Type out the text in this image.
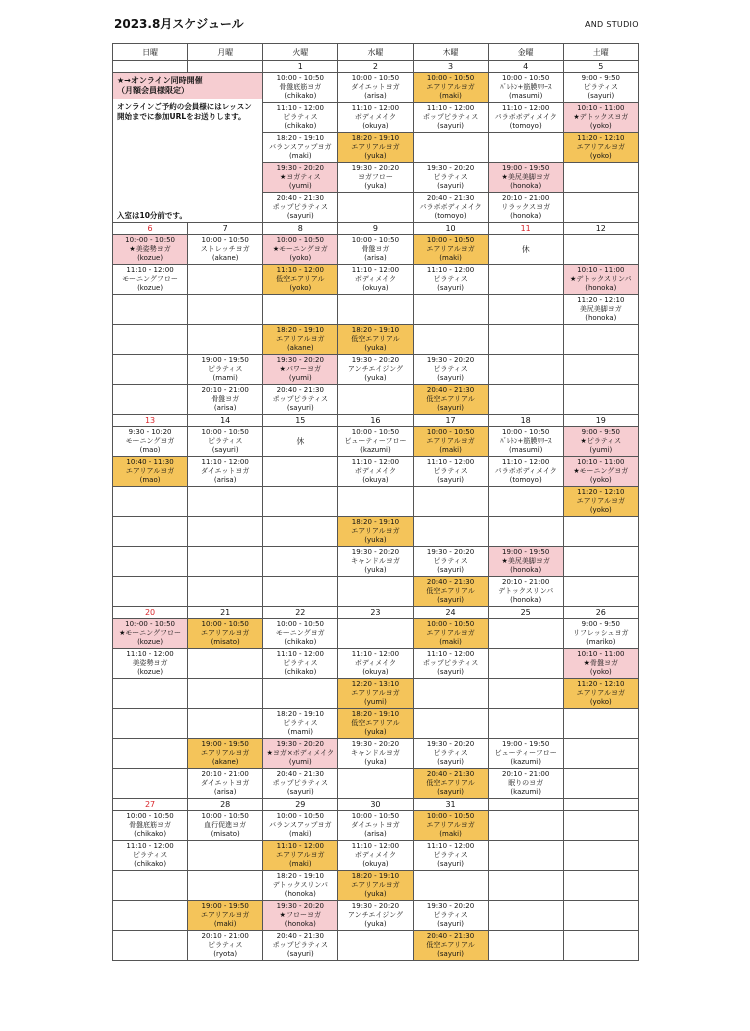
2023.8月スケジュール	AND STUDIO
日曜	月曜	火曜	水曜	木曜	金曜	土曜
		1	2	3	4	5

★→オンライン同時開催
（月額会員様限定）
オンラインご予約の会員様にはレッスン開始までに参加URLをお送りします。		10:00 - 10:50
骨盤底筋ヨガ
(chikako)	10:00 - 10:50
ダイエットヨガ
(arisa)	10:00 - 10:50
エアリアルヨガ
(maki)	10:00 - 10:50
ﾊﾞﾚﾄﾝ+筋膜ﾘﾘｰｽ
(masumi)	9:00 - 9:50
ピラティス
(sayuri)

		11:10 - 12:00
ピラティス
(chikako)	11:10 - 12:00
ボディメイク
(okuya)	11:10 - 12:00
ポップピラティス
(sayuri)	11:10 - 12:00
パラボボディメイク
(tomoyo)	10:10 - 11:00
★デトックスヨガ
(yoko)

		18:20 - 19:10
バランスアップヨガ
(maki)	18:20 - 19:10
エアリアルヨガ
(yuka)			11:20 - 12:10
エアリアルヨガ
(yoko)

		19:30 - 20:20
★ヨガティス
(yumi)	19:30 - 20:20
ヨガフロー
(yuka)	19:30 - 20:20
ピラティス
(sayuri)	19:00 - 19:50
★美尻美脚ヨガ
(honoka)	

入室は10分前です。		20:40 - 21:30
ポップピラティス
(sayuri)		20:40 - 21:30
パラボボディメイク
(tomoyo)	20:10 - 21:00
リラックスヨガ
(honoka)	

6	7	8	9	10	11	12

10:-00 - 10:50
★美姿勢ヨガ
(kozue)	10:00 - 10:50
ストレッチヨガ
(akane)	10:00 - 10:50
★モーニングヨガ
(yoko)	10:00 - 10:50
骨盤ヨガ
(arisa)	10:00 - 10:50
エアリアルヨガ
(maki)	休	

11:10 - 12:00
モーニングフロー
(kozue)		11:10 - 12:00
低空エアリアル
(yoko)	11:10 - 12:00
ボディメイク
(okuya)	11:10 - 12:00
ピラティス
(sayuri)		10:10 - 11:00
★デトックスリンパ
(honoka)

						11:20 - 12:10
美尻美脚ヨガ
(honoka)

		18:20 - 19:10
エアリアルヨガ
(akane)	18:20 - 19:10
低空エアリアル
(yuka)			

	19:00 - 19:50
ピラティス
(mami)	19:30 - 20:20
★パワーヨガ
(yumi)	19:30 - 20:20
アンチエイジング
(yuka)	19:30 - 20:20
ピラティス
(sayuri)		

	20:10 - 21:00
骨盤ヨガ
(arisa)	20:40 - 21:30
ポップピラティス
(sayuri)		20:40 - 21:30
低空エアリアル
(sayuri)		

13	14	15	16	17	18	19

9:30 - 10:20
モーニングヨガ
(mao)	10:00 - 10:50
ピラティス
(sayuri)	休	10:00 - 10:50
ビューティーフロー
(kazumi)	10:00 - 10:50
エアリアルヨガ
(maki)	10:00 - 10:50
ﾊﾞﾚﾄﾝ+筋膜ﾘﾘｰｽ
(masumi)	9:00 - 9:50
★ピラティス
(yumi)

10:40 - 11:30
エアリアルヨガ
(mao)	11:10 - 12:00
ダイエットヨガ
(arisa)		11:10 - 12:00
ボディメイク
(okuya)	11:10 - 12:00
ピラティス
(sayuri)	11:10 - 12:00
パラボボディメイク
(tomoyo)	10:10 - 11:00
★モーニングヨガ
(yoko)

						11:20 - 12:10
エアリアルヨガ
(yoko)

			18:20 - 19:10
エアリアルヨガ
(yuka)			

			19:30 - 20:20
キャンドルヨガ
(yuka)	19:30 - 20:20
ピラティス
(sayuri)	19:00 - 19:50
★美尻美脚ヨガ
(honoka)	

				20:40 - 21:30
低空エアリアル
(sayuri)	20:10 - 21:00
デトックスリンパ
(honoka)	

20	21	22	23	24	25	26

10:-00 - 10:50
★モーニングフロー
(kozue)	10:00 - 10:50
エアリアルヨガ
(misato)	10:00 - 10:50
モーニングヨガ
(chikako)		10:00 - 10:50
エアリアルヨガ
(maki)		9:00 - 9:50
リフレッシュヨガ
(mariko)

11:10 - 12:00
美姿勢ヨガ
(kozue)		11:10 - 12:00
ピラティス
(chikako)	11:10 - 12:00
ボディメイク
(okuya)	11:10 - 12:00
ポップピラティス
(sayuri)		10:10 - 11:00
★骨盤ヨガ
(yoko)

			12:20 - 13:10
エアリアルヨガ
(yumi)			11:20 - 12:10
エアリアルヨガ
(yoko)

		18:20 - 19:10
ピラティス
(mami)	18:20 - 19:10
低空エアリアル
(yuka)			

	19:00 - 19:50
エアリアルヨガ
(akane)	19:30 - 20:20
★ヨガ×ボディメイク
(yumi)	19:30 - 20:20
キャンドルヨガ
(yuka)	19:30 - 20:20
ピラティス
(sayuri)	19:00 - 19:50
ビューティーフロー
(kazumi)	

	20:10 - 21:00
ダイエットヨガ
(arisa)	20:40 - 21:30
ポップピラティス
(sayuri)		20:40 - 21:30
低空エアリアル
(sayuri)	20:10 - 21:00
眠りのヨガ
(kazumi)	

27	28	29	30	31		

10:00 - 10:50
骨盤底筋ヨガ
(chikako)	10:00 - 10:50
血行促進ヨガ
(misato)	10:00 - 10:50
バランスアップヨガ
(maki)	10:00 - 10:50
ダイエットヨガ
(arisa)	10:00 - 10:50
エアリアルヨガ
(maki)		

11:10 - 12:00
ピラティス
(chikako)		11:10 - 12:00
エアリアルヨガ
(maki)	11:10 - 12:00
ボディメイク
(okuya)	11:10 - 12:00
ピラティス
(sayuri)		

		18:20 - 19:10
デトックスリンパ
(honoka)	18:20 - 19:10
エアリアルヨガ
(yuka)			

	19:00 - 19:50
エアリアルヨガ
(maki)	19:30 - 20:20
★フローヨガ
(honoka)	19:30 - 20:20
アンチエイジング
(yuka)	19:30 - 20:20
ピラティス
(sayuri)		

	20:10 - 21:00
ピラティス
(ryota)	20:40 - 21:30
ポップピラティス
(sayuri)		20:40 - 21:30
低空エアリアル
(sayuri)		
